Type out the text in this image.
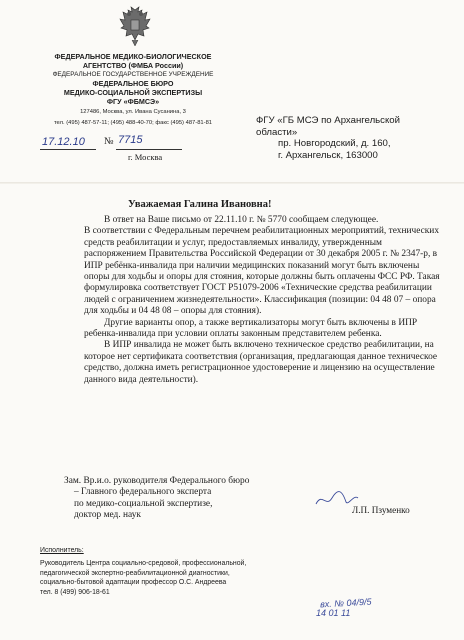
ФЕДЕРАЛЬНОЕ МЕДИКО-БИОЛОГИЧЕСКОЕ
АГЕНТСТВО (ФМБА России)
ФЕДЕРАЛЬНОЕ ГОСУДАРСТВЕННОЕ УЧРЕЖДЕНИЕ
ФЕДЕРАЛЬНОЕ БЮРО
МЕДИКО-СОЦИАЛЬНОЙ ЭКСПЕРТИЗЫ
ФГУ «ФБМСЭ»
127486, Москва, ул. Ивана Сусанина, 3
тел. (495) 487-57-11; (495) 488-40-70; факс (495) 487-81-81
17.12.10 № 7715
г. Москва
ФГУ «ГБ МСЭ по Архангельской
области»
пр. Новгородский, д. 160,
г. Архангельск, 163000
Уважаемая Галина Ивановна!

В ответ на Ваше письмо от 22.11.10 г. № 5770 сообщаем следующее.

В соответствии с Федеральным перечнем реабилитационных мероприятий, технических средств реабилитации и услуг, предоставляемых инвалиду, утвержденным распоряжением Правительства Российской Федерации от 30 декабря 2005 г. № 2347-р, в ИПР ребёнка-инвалида при наличии медицинских показаний могут быть включены опоры для ходьбы и опоры для стояния, которые должны быть оплачены ФСС РФ. Такая формулировка соответствует ГОСТ Р51079-2006 «Технические средства реабилитации людей с ограничением жизнедеятельности». Классификация (позиции: 04 48 07 – опора для ходьбы и 04 48 08 – опоры для стояния).

Другие варианты опор, а также вертикализаторы могут быть включены в ИПР ребенка-инвалида при условии оплаты законным представителем ребенка.

В ИПР инвалида не может быть включено техническое средство реабилитации, на которое нет сертификата соответствия (организация, предлагающая данное техническое средство, должна иметь регистрационное удостоверение и лицензию на осуществление данного вида деятельности).

Зам. Вр.и.о. руководителя Федерального бюро
– Главного федерального эксперта
по медико-социальной экспертизе,
доктор мед. наук
Л.П. Пзуменко
Исполнитель:
Руководитель Центра социально-средовой, профессиональной,
педагогической экспертно-реабилитационной диагностики,
социально-бытовой адаптации профессор О.С. Андреева
тел. 8 (499) 906-18-61
вх. № 04/9/5
14 01 11
